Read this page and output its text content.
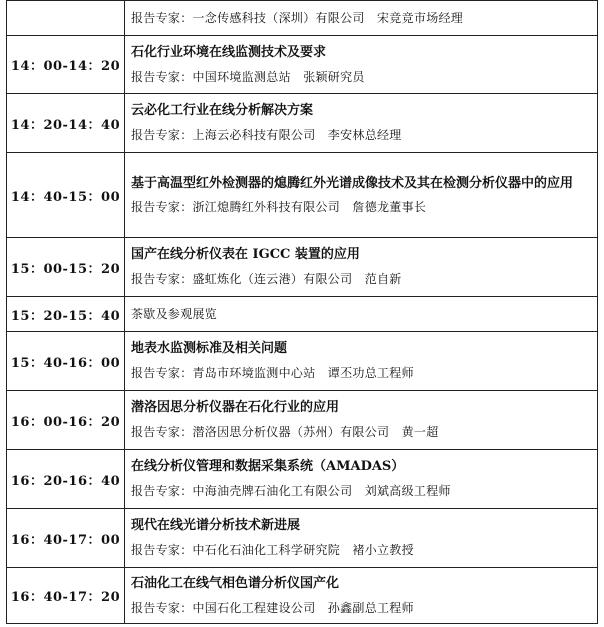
	报告专家：一念传感科技（深圳）有限公司　宋竞竞市场经理

14：00-14：20	石化行业环境在线监测技术及要求
报告专家：中国环境监测总站　张颖研究员

14：20-14：40	云必化工行业在线分析解决方案
报告专家：上海云必科技有限公司　李安林总经理

14：40-15：00	基于高温型红外检测器的熄腾红外光谱成像技术及其在检测分析仪器中的应用
报告专家：浙江熄腾红外科技有限公司　詹德龙董事长

15：00-15：20	国产在线分析仪表在 IGCC 装置的应用
报告专家：盛虹炼化（连云港）有限公司　范自新

15：20-15：40	茶歇及参观展览

15：40-16：00	地表水监测标准及相关问题
报告专家：青岛市环境监测中心站　谭丕功总工程师

16：00-16：20	潜洛因思分析仪器在石化行业的应用
报告专家：潜洛因思分析仪器（苏州）有限公司　黄一超

16：20-16：40	在线分析仪管理和数据采集系统（AMADAS）
报告专家：中海油壳牌石油化工有限公司　刘斌高级工程师

16：40-17：00	现代在线光谱分析技术新进展
报告专家：中石化石油化工科学研究院　褚小立教授

16：40-17：20	石油化工在线气相色谱分析仪国产化
报告专家：中国石化工程建设公司　孙鑫副总工程师
